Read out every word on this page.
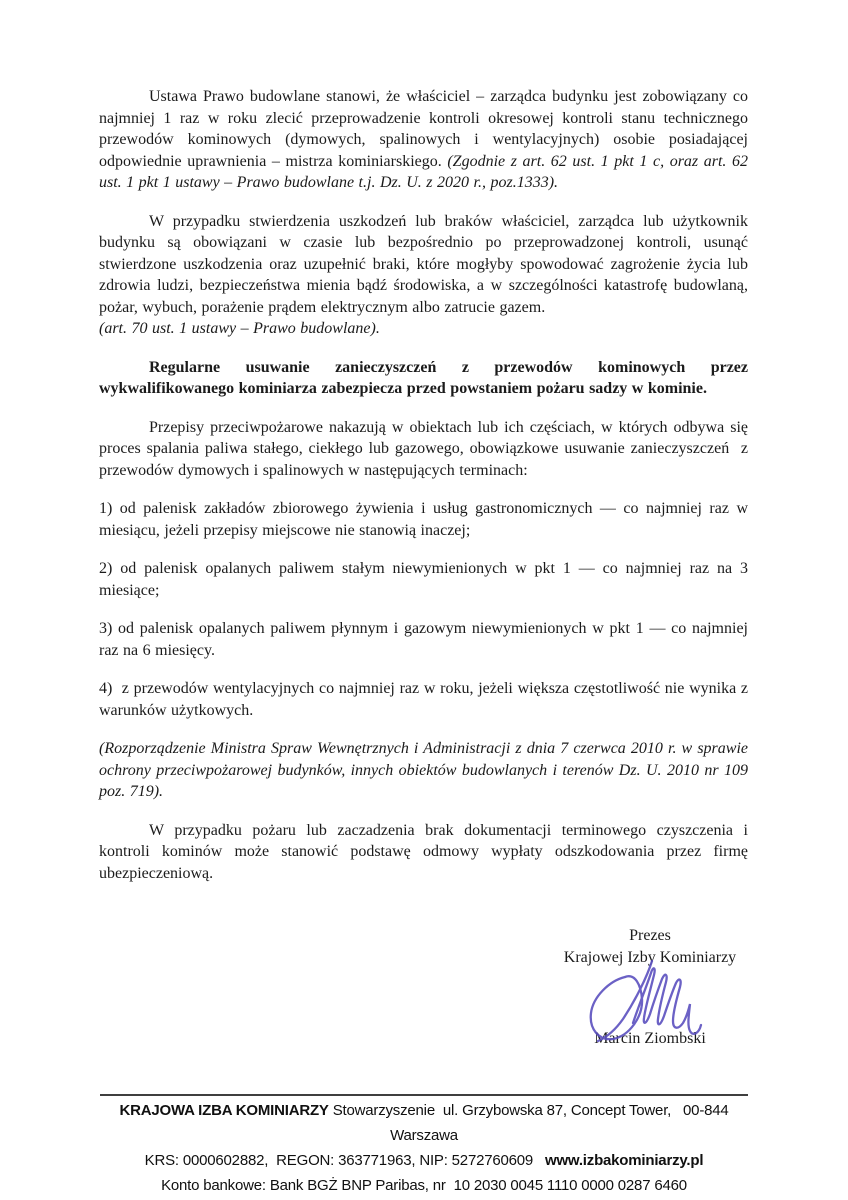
Ustawa Prawo budowlane stanowi, że właściciel – zarządca budynku jest zobowiązany co najmniej 1 raz w roku zlecić przeprowadzenie kontroli okresowej kontroli stanu technicznego przewodów kominowych (dymowych, spalinowych i wentylacyjnych) osobie posiadającej odpowiednie uprawnienia – mistrza kominiarskiego. (Zgodnie z art. 62 ust. 1 pkt 1 c, oraz art. 62 ust. 1 pkt 1 ustawy – Prawo budowlane t.j. Dz. U. z 2020 r., poz.1333).

W przypadku stwierdzenia uszkodzeń lub braków właściciel, zarządca lub użytkownik budynku są obowiązani w czasie lub bezpośrednio po przeprowadzonej kontroli, usunąć stwierdzone uszkodzenia oraz uzupełnić braki, które mogłyby spowodować zagrożenie życia lub zdrowia ludzi, bezpieczeństwa mienia bądź środowiska, a w szczególności katastrofę budowlaną, pożar, wybuch, porażenie prądem elektrycznym albo zatrucie gazem.
(art. 70 ust. 1 ustawy – Prawo budowlane).

Regularne usuwanie zanieczyszczeń z przewodów kominowych przez wykwalifikowanego kominiarza zabezpiecza przed powstaniem pożaru sadzy w kominie.

Przepisy przeciwpożarowe nakazują w obiektach lub ich częściach, w których odbywa się proces spalania paliwa stałego, ciekłego lub gazowego, obowiązkowe usuwanie zanieczyszczeń  z przewodów dymowych i spalinowych w następujących terminach:

1) od palenisk zakładów zbiorowego żywienia i usług gastronomicznych — co najmniej raz w miesiącu, jeżeli przepisy miejscowe nie stanowią inaczej;

2) od palenisk opalanych paliwem stałym niewymienionych w pkt 1 — co najmniej raz na 3 miesiące;

3) od palenisk opalanych paliwem płynnym i gazowym niewymienionych w pkt 1 — co najmniej raz na 6 miesięcy.

4)  z przewodów wentylacyjnych co najmniej raz w roku, jeżeli większa częstotliwość nie wynika z warunków użytkowych.

(Rozporządzenie Ministra Spraw Wewnętrznych i Administracji z dnia 7 czerwca 2010 r. w sprawie ochrony przeciwpożarowej budynków, innych obiektów budowlanych i terenów Dz. U. 2010 nr 109 poz. 719).

W przypadku pożaru lub zaczadzenia brak dokumentacji terminowego czyszczenia i kontroli kominów może stanowić podstawę odmowy wypłaty odszkodowania przez firmę ubezpieczeniową.

Prezes
Krajowej Izby Kominiarzy
Marcin Ziombski
KRAJOWA IZBA KOMINIARZY Stowarzyszenie  ul. Grzybowska 87, Concept Tower,   00-844 Warszawa
KRS: 0000602882,  REGON: 363771963, NIP: 5272760609   www.izbakominiarzy.pl
Konto bankowe: Bank BGŻ BNP Paribas, nr  10 2030 0045 1110 0000 0287 6460
